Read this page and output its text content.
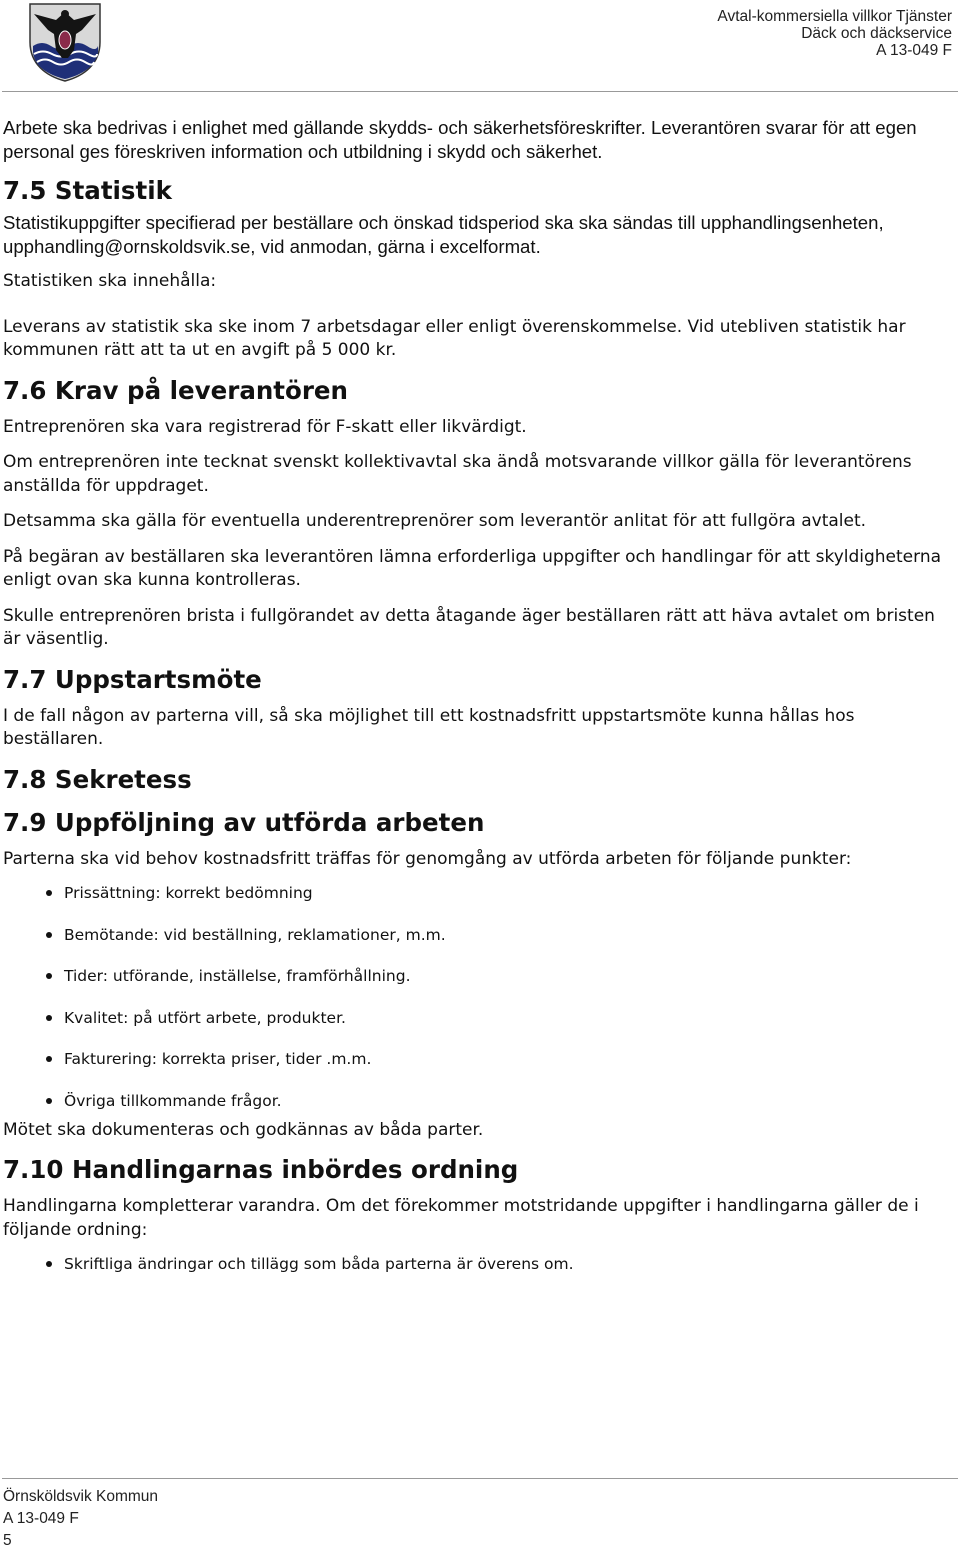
Avtal-kommersiella villkor Tjänster
Däck och däckservice
A 13-049 F

Arbete ska bedrivas i enlighet med gällande skydds- och säkerhetsföreskrifter. Leverantören svarar för att egen personal ges föreskriven information och utbildning i skydd och säkerhet.

7.5 Statistik

Statistikuppgifter specifierad per beställare och önskad tidsperiod ska ska sändas till upphandlingsenheten, upphandling@ornskoldsvik.se, vid anmodan, gärna i excelformat.

Statistiken ska innehålla:

Leverans av statistik ska ske inom 7 arbetsdagar eller enligt överenskommelse. Vid utebliven statistik har kommunen rätt att ta ut en avgift på 5 000 kr.

7.6 Krav på leverantören

Entreprenören ska vara registrerad för F-skatt eller likvärdigt.

Om entreprenören inte tecknat svenskt kollektivavtal ska ändå motsvarande villkor gälla för leverantörens anställda för uppdraget.

Detsamma ska gälla för eventuella underentreprenörer som leverantör anlitat för att fullgöra avtalet.

På begäran av beställaren ska leverantören lämna erforderliga uppgifter och handlingar för att skyldigheterna enligt ovan ska kunna kontrolleras.

Skulle entreprenören brista i fullgörandet av detta åtagande äger beställaren rätt att häva avtalet om bristen är väsentlig.

7.7 Uppstartsmöte

I de fall någon av parterna vill, så ska möjlighet till ett kostnadsfritt uppstartsmöte kunna hållas hos beställaren.

7.8 Sekretess
7.9 Uppföljning av utförda arbeten

Parterna ska vid behov kostnadsfritt träffas för genomgång av utförda arbeten för följande punkter:

Prissättning: korrekt bedömning
Bemötande: vid beställning, reklamationer, m.m.
Tider: utförande, inställelse, framförhållning.
Kvalitet: på utfört arbete, produkter.
Fakturering: korrekta priser, tider .m.m.
Övriga tillkommande frågor.

Mötet ska dokumenteras och godkännas av båda parter.

7.10 Handlingarnas inbördes ordning

Handlingarna kompletterar varandra. Om det förekommer motstridande uppgifter i handlingarna gäller de i följande ordning:

Skriftliga ändringar och tillägg som båda parterna är överens om.
Örnsköldsvik Kommun
A 13-049 F
5
